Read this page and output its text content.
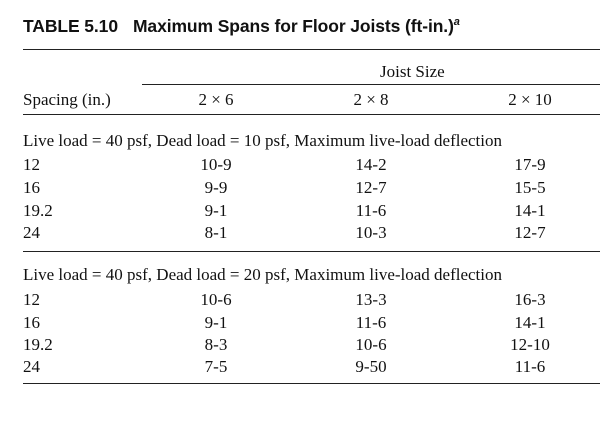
TABLE 5.10 Maximum Spans for Floor Joists $(ft-in.)^a$
Joist Size
Spacing (in.)	2 × 6	2 × 8	2 × 10
Live load = 40 psf, Dead load = 10 psf, Maximum live-load deflection
12	10-9	14-2	17-9
16	9-9	12-7	15-5
19.2	9-1	11-6	14-1
24	8-1	10-3	12-7
Live load = 40 psf, Dead load = 20 psf, Maximum live-load deflection
12	10-6	13-3	16-3
16	9-1	11-6	14-1
19.2	8-3	10-6	12-10
24	7-5	9-50	11-6
